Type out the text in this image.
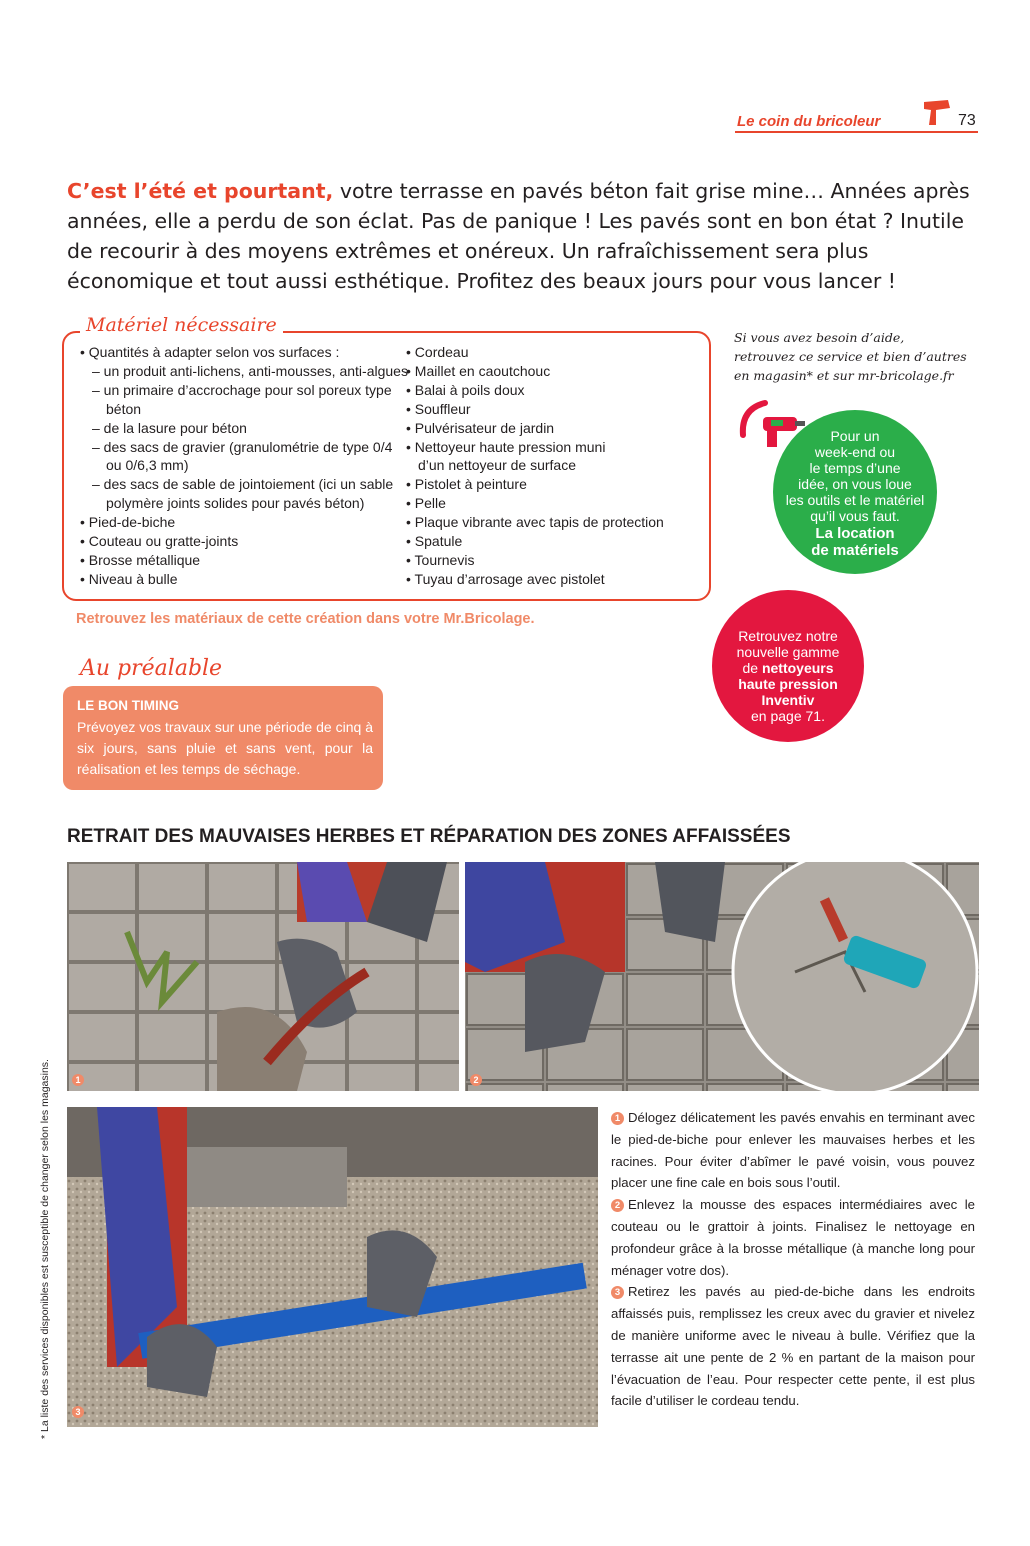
Le coin du bricoleur	73
C’est l’été et pourtant, votre terrasse en pavés béton fait grise mine… Années après années, elle a perdu de son éclat. Pas de panique ! Les pavés sont en bon état ? Inutile de recourir à des moyens extrêmes et onéreux. Un rafraîchissement sera plus économique et tout aussi esthétique. Profitez des beaux jours pour vous lancer !
Matériel nécessaire
• Quantités à adapter selon vos surfaces :
– un produit anti-lichens, anti-mousses, anti-algues
– un primaire d’accrochage pour sol poreux type
béton
– de la lasure pour béton
– des sacs de gravier (granulométrie de type 0/4
ou 0/6,3 mm)
– des sacs de sable de jointoiement (ici un sable
polymère joints solides pour pavés béton)
• Pied-de-biche
• Couteau ou gratte-joints
• Brosse métallique
• Niveau à bulle
• Cordeau
• Maillet en caoutchouc
• Balai à poils doux
• Souffleur
• Pulvérisateur de jardin
• Nettoyeur haute pression muni
d’un nettoyeur de surface
• Pistolet à peinture
• Pelle
• Plaque vibrante avec tapis de protection
• Spatule
• Tournevis
• Tuyau d’arrosage avec pistolet
Retrouvez les matériaux de cette création dans votre Mr.Bricolage.
Si vous avez besoin d’aide,
retrouvez ce service et bien d’autres
en magasin* et sur mr-bricolage.fr
Pour un
week-end ou
le temps d’une
idée, on vous loue
les outils et le matériel
qu’il vous faut.
La location
de matériels
Retrouvez notre
nouvelle gamme
de nettoyeurs
haute pression
Inventiv
en page 71.
Au préalable
LE BON TIMING
Prévoyez vos travaux sur une période de cinq à six jours, sans pluie et sans vent, pour la réalisation et les temps de séchage.
RETRAIT DES MAUVAISES HERBES ET RÉPARATION DES ZONES AFFAISSÉES
1	2
3
1 Délogez délicatement les pavés envahis en terminant avec le pied-de-biche pour enlever les mauvaises herbes et les racines. Pour éviter d’abîmer le pavé voisin, vous pouvez placer une fine cale en bois sous l’outil.
2 Enlevez la mousse des espaces intermédiaires avec le couteau ou le grattoir à joints. Finalisez le nettoyage en profondeur grâce à la brosse métallique (à manche long pour ménager votre dos).
3 Retirez les pavés au pied-de-biche dans les endroits affaissés puis, remplissez les creux avec du gravier et nivelez de manière uniforme avec le niveau à bulle. Vérifiez que la terrasse ait une pente de 2 % en partant de la maison pour l’évacuation de l’eau. Pour respecter cette pente, il est plus facile d’utiliser le cordeau tendu.
* La liste des services disponibles est susceptible de changer selon les magasins.
